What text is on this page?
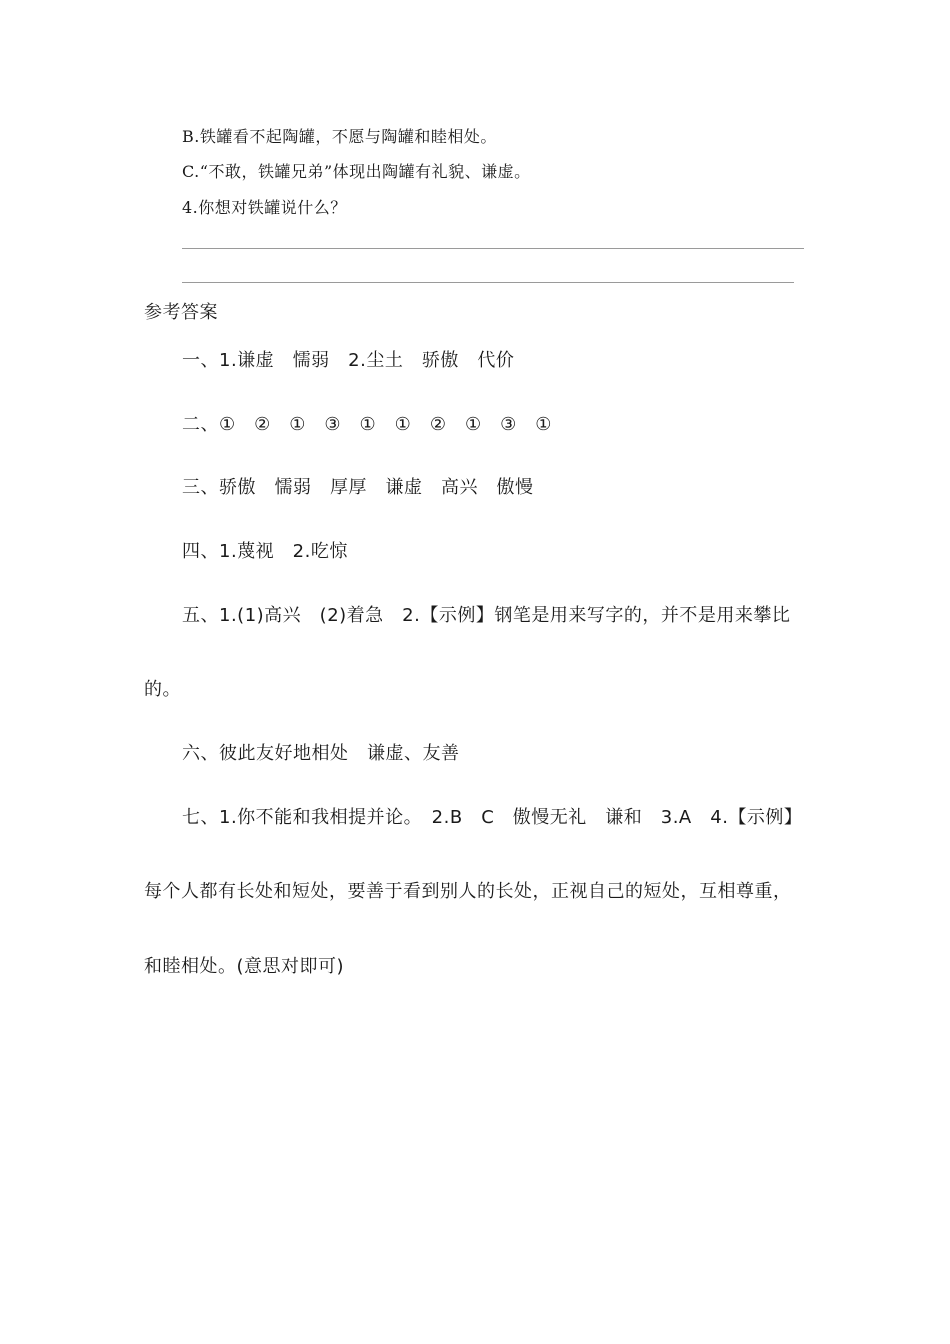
B.铁罐看不起陶罐，不愿与陶罐和睦相处。
C.“不敢，铁罐兄弟”体现出陶罐有礼貌、谦虚。
4.你想对铁罐说什么？
参考答案
一、1.谦虚　懦弱　2.尘土　骄傲　代价
二、①　②　①　③　①　①　②　①　③　①
三、骄傲　懦弱　厚厚　谦虚　高兴　傲慢
四、1.蔑视　2.吃惊
五、1.(1)高兴　(2)着急　2.【示例】钢笔是用来写字的，并不是用来攀比
的。
六、彼此友好地相处　谦虚、友善
七、1.你不能和我相提并论。　2.B　C　傲慢无礼　谦和　3.A　4.【示例】
每个人都有长处和短处，要善于看到别人的长处，正视自己的短处，互相尊重，
和睦相处。(意思对即可)
